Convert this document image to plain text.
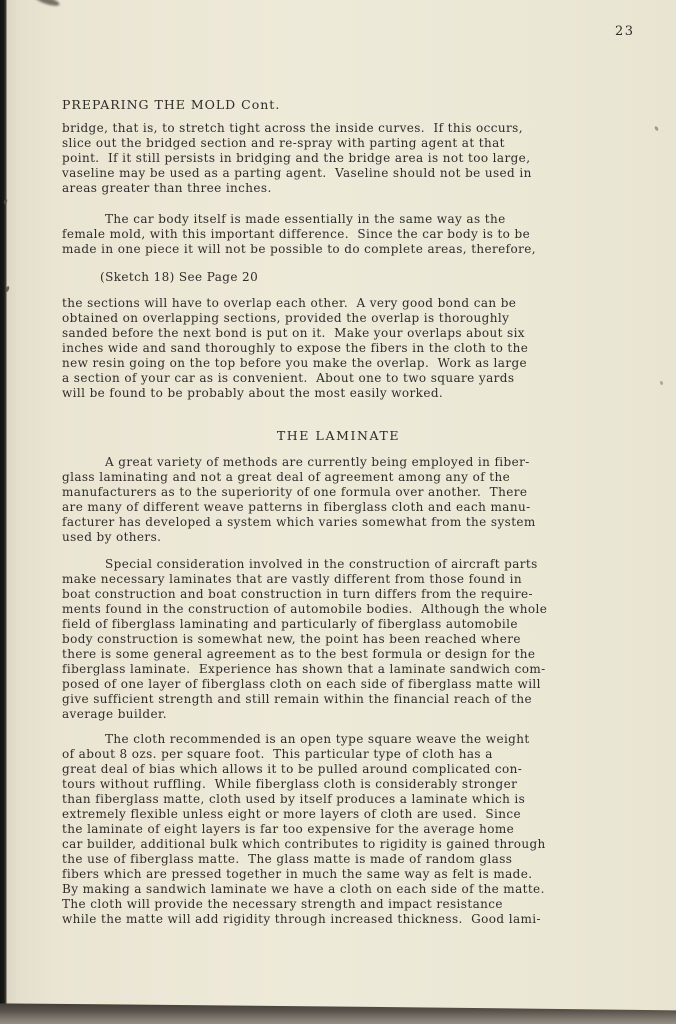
23
PREPARING THE MOLD Cont.
bridge, that is, to stretch tight across the inside curves.  If this occurs,
slice out the bridged section and re-spray with parting agent at that
point.  If it still persists in bridging and the bridge area is not too large,
vaseline may be used as a parting agent.  Vaseline should not be used in
areas greater than three inches.
The car body itself is made essentially in the same way as the
female mold, with this important difference.  Since the car body is to be
made in one piece it will not be possible to do complete areas, therefore,
(Sketch 18) See Page 20
the sections will have to overlap each other.  A very good bond can be
obtained on overlapping sections, provided the overlap is thoroughly
sanded before the next bond is put on it.  Make your overlaps about six
inches wide and sand thoroughly to expose the fibers in the cloth to the
new resin going on the top before you make the overlap.  Work as large
a section of your car as is convenient.  About one to two square yards
will be found to be probably about the most easily worked.
THE LAMINATE
A great variety of methods are currently being employed in fiber-
glass laminating and not a great deal of agreement among any of the
manufacturers as to the superiority of one formula over another.  There
are many of different weave patterns in fiberglass cloth and each manu-
facturer has developed a system which varies somewhat from the system
used by others.
Special consideration involved in the construction of aircraft parts
make necessary laminates that are vastly different from those found in
boat construction and boat construction in turn differs from the require-
ments found in the construction of automobile bodies.  Although the whole
field of fiberglass laminating and particularly of fiberglass automobile
body construction is somewhat new, the point has been reached where
there is some general agreement as to the best formula or design for the
fiberglass laminate.  Experience has shown that a laminate sandwich com-
posed of one layer of fiberglass cloth on each side of fiberglass matte will
give sufficient strength and still remain within the financial reach of the
average builder.
The cloth recommended is an open type square weave the weight
of about 8 ozs. per square foot.  This particular type of cloth has a
great deal of bias which allows it to be pulled around complicated con-
tours without ruffling.  While fiberglass cloth is considerably stronger
than fiberglass matte, cloth used by itself produces a laminate which is
extremely flexible unless eight or more layers of cloth are used.  Since
the laminate of eight layers is far too expensive for the average home
car builder, additional bulk which contributes to rigidity is gained through
the use of fiberglass matte.  The glass matte is made of random glass
fibers which are pressed together in much the same way as felt is made.
By making a sandwich laminate we have a cloth on each side of the matte.
The cloth will provide the necessary strength and impact resistance
while the matte will add rigidity through increased thickness.  Good lami-
